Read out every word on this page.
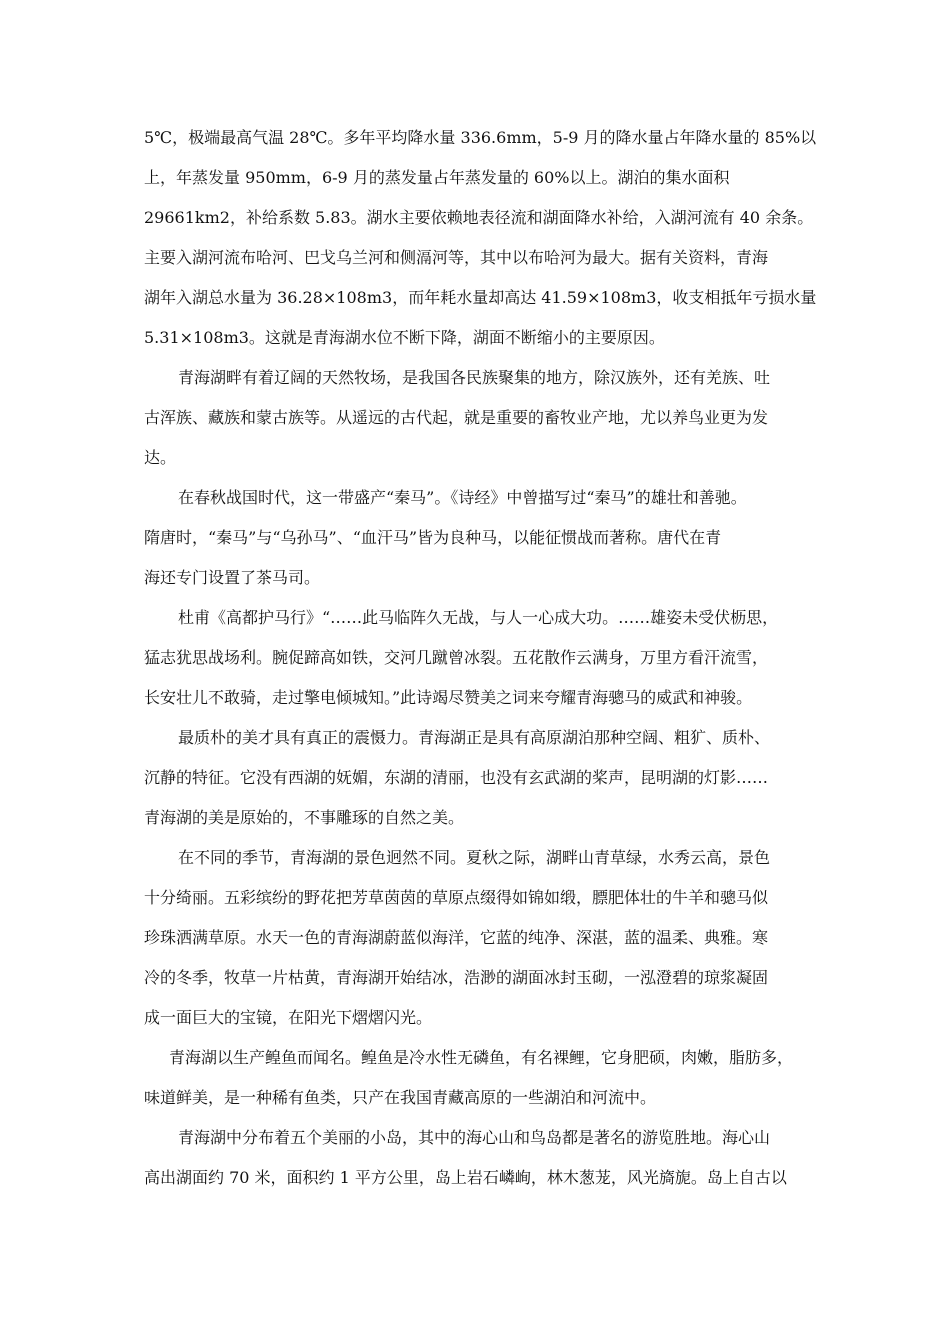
5℃，极端最高气温 28℃。多年平均降水量 336.6mm，5-9 月的降水量占年降水量的 85%以
上，年蒸发量 950mm，6-9 月的蒸发量占年蒸发量的 60%以上。湖泊的集水面积
29661km2，补给系数 5.83。湖水主要依赖地表径流和湖面降水补给，入湖河流有 40 余条。
主要入湖河流布哈河、巴戈乌兰河和侧滆河等，其中以布哈河为最大。据有关资料，青海
湖年入湖总水量为 36.28×108m3，而年耗水量却高达 41.59×108m3，收支相抵年亏损水量
5.31×108m3。这就是青海湖水位不断下降，湖面不断缩小的主要原因。
青海湖畔有着辽阔的天然牧场，是我国各民族聚集的地方，除汉族外，还有羌族、吐
古浑族、藏族和蒙古族等。从遥远的古代起，就是重要的畜牧业产地，尤以养鸟业更为发
达。
在春秋战国时代，这一带盛产“秦马”。《诗经》中曾描写过“秦马”的雄壮和善驰。
隋唐时，“秦马”与“乌孙马”、“血汗马”皆为良种马，以能征惯战而著称。唐代在青
海还专门设置了茶马司。
杜甫《高都护马行》“……此马临阵久无战，与人一心成大功。……雄姿未受伏枥思，
猛志犹思战场利。腕促蹄高如铁，交河几蹴曾冰裂。五花散作云满身，万里方看汗流雪，
长安壮儿不敢骑，走过擎电倾城知。”此诗竭尽赞美之词来夸耀青海骢马的威武和神骏。
最质朴的美才具有真正的震慑力。青海湖正是具有高原湖泊那种空阔、粗犷、质朴、
沉静的特征。它没有西湖的妩媚，东湖的清丽，也没有玄武湖的桨声，昆明湖的灯影……
青海湖的美是原始的，不事雕琢的自然之美。
在不同的季节，青海湖的景色迥然不同。夏秋之际，湖畔山青草绿，水秀云高，景色
十分绮丽。五彩缤纷的野花把芳草茵茵的草原点缀得如锦如缎，膘肥体壮的牛羊和骢马似
珍珠洒满草原。水天一色的青海湖蔚蓝似海洋，它蓝的纯净、深湛，蓝的温柔、典雅。寒
冷的冬季，牧草一片枯黄，青海湖开始结冰，浩渺的湖面冰封玉砌，一泓澄碧的琼浆凝固
成一面巨大的宝镜，在阳光下熠熠闪光。
青海湖以生产鳇鱼而闻名。鳇鱼是冷水性无磷鱼，有名裸鲤，它身肥硕，肉嫩，脂肪多，
味道鲜美，是一种稀有鱼类，只产在我国青藏高原的一些湖泊和河流中。
青海湖中分布着五个美丽的小岛，其中的海心山和鸟岛都是著名的游览胜地。海心山
高出湖面约 70 米，面积约 1 平方公里，岛上岩石嶙峋，林木葱茏，风光旖旎。岛上自古以
